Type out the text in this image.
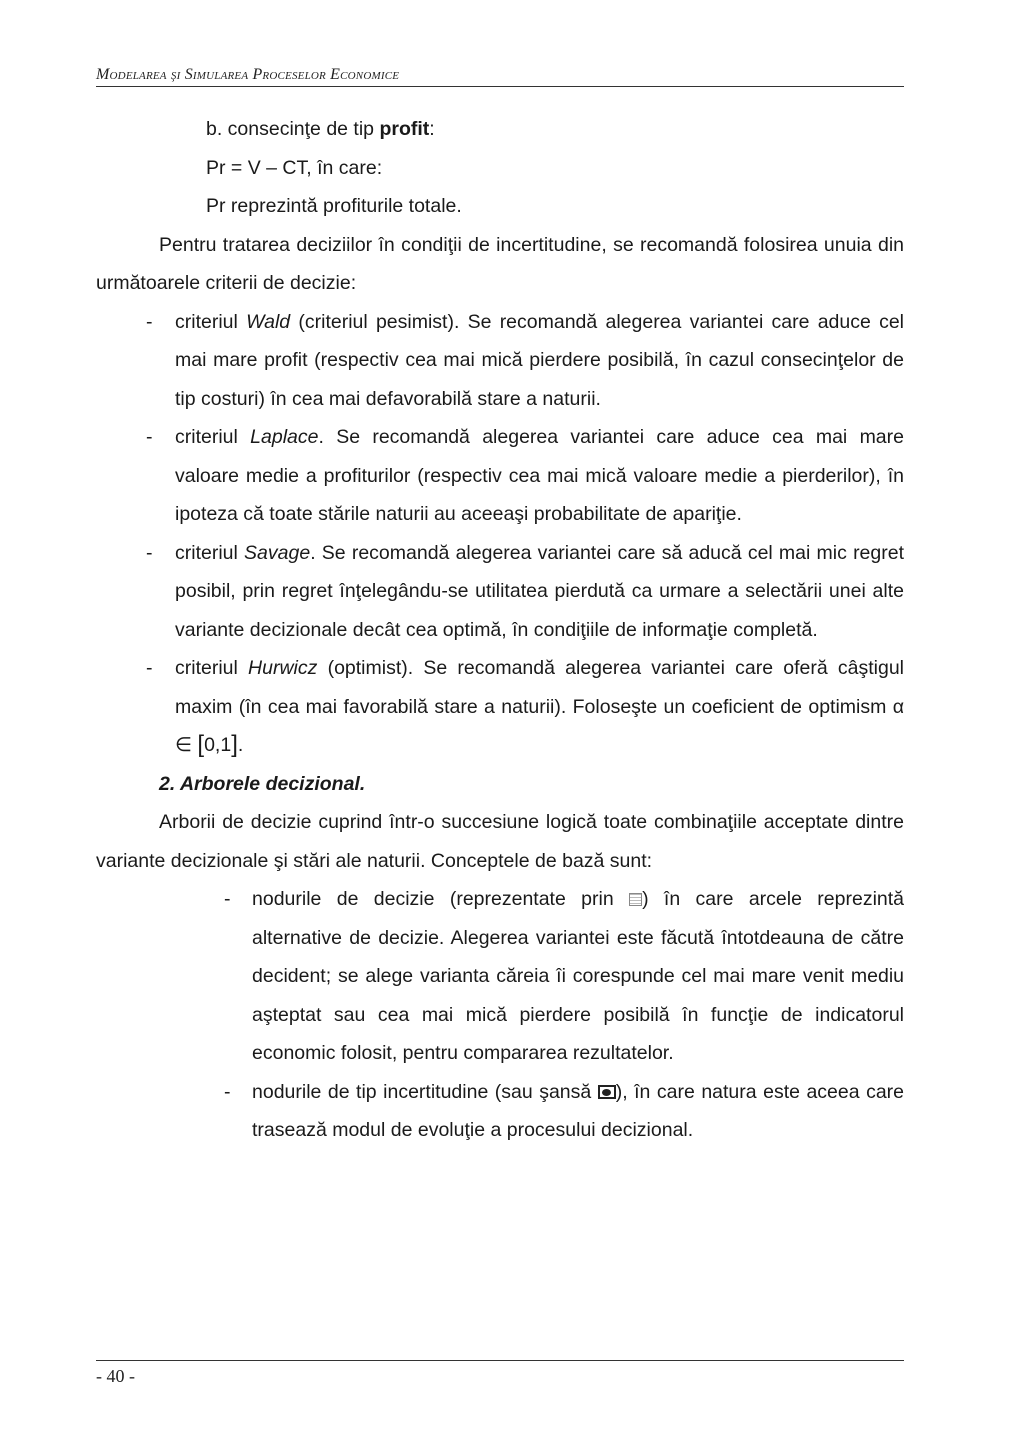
Modelarea şi Simularea Proceselor Economice
b. consecinţe de tip profit:
Pr = V – CT, în care:
Pr reprezintă profiturile totale.
Pentru tratarea deciziilor în condiţii de incertitudine, se recomandă folosirea unuia din următoarele criterii de decizie:
- criteriul Wald (criteriul pesimist). Se recomandă alegerea variantei care aduce cel mai mare profit (respectiv cea mai mică pierdere posibilă, în cazul consecinţelor de tip costuri) în cea mai defavorabilă stare a naturii.
- criteriul Laplace. Se recomandă alegerea variantei care aduce cea mai mare valoare medie a profiturilor (respectiv cea mai mică valoare medie a pierderilor), în ipoteza că toate stările naturii au aceeaşi probabilitate de apariţie.
- criteriul Savage. Se recomandă alegerea variantei care să aducă cel mai mic regret posibil, prin regret înţelegându-se utilitatea pierdută ca urmare a selectării unei alte variante decizionale decât cea optimă, în condiţiile de informaţie completă.
- criteriul Hurwicz (optimist). Se recomandă alegerea variantei care oferă câştigul maxim (în cea mai favorabilă stare a naturii). Foloseşte un coeficient de optimism α ∈ [0,1].
2. Arborele decizional.
Arborii de decizie cuprind într-o succesiune logică toate combinaţiile acceptate dintre variante decizionale şi stări ale naturii. Conceptele de bază sunt:
- nodurile de decizie (reprezentate prin ) în care arcele reprezintă alternative de decizie. Alegerea variantei este făcută întotdeauna de către decident; se alege varianta căreia îi corespunde cel mai mare venit mediu aşteptat sau cea mai mică pierdere posibilă în funcţie de indicatorul economic folosit, pentru compararea rezultatelor.
- nodurile de tip incertitudine (sau şansă ), în care natura este aceea care trasează modul de evoluţie a procesului decizional.
- 40 -
